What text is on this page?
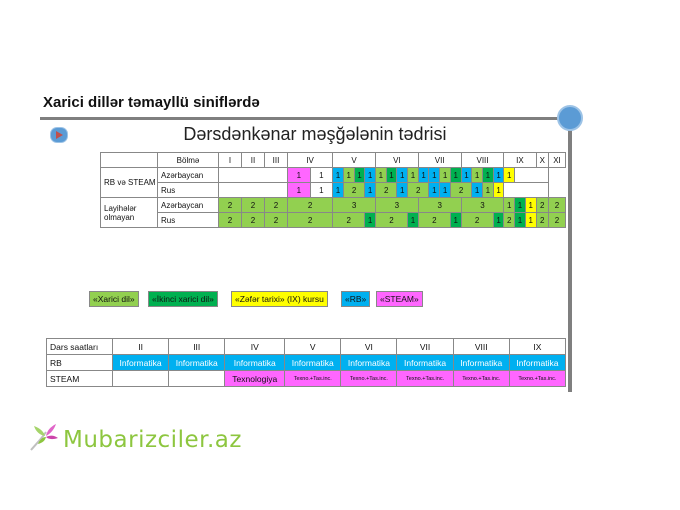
Xarici dillər təmayllü siniflərdə
Dərsdənkənar məşğələnin tədrisi
	Bölmə	I	II	III	IV		V				VI				VII				VIII				IX			X	XI
RB və STEAM	Azərbaycan				1	1	1	1	1	1	1	1	1	1	1	1	1	1	1	1	1	1	1				
	Rus				1	1	1	2		1	2		1	2		1	1	2		1	1	1					
Layihələr olmayan	Azərbaycan	2	2	2	2		3				3				3				3				1	1	1	2	2
	Rus	2	2	2	2		2			1	2			1	2			1	2			1	2	1	1	2	2
«Xarici dil»	«İkinci xarici dil»	«Zəfər tarixi» (IX) kursu	«RB»	«STEAM»
Dars saatları	II	III	IV	V	VI	VII	VIII	IX
RB	Informatika	Informatika	Informatika	Informatika	Informatika	Informatika	Informatika	Informatika
STEAM			Texnologiya	Texno.+Tas.inc.	Texno.+Tas.inc.	Texno.+Tas.inc.	Texno.+Tas.inc.	Texno.+Tas.inc.
Mubarizciler.az
